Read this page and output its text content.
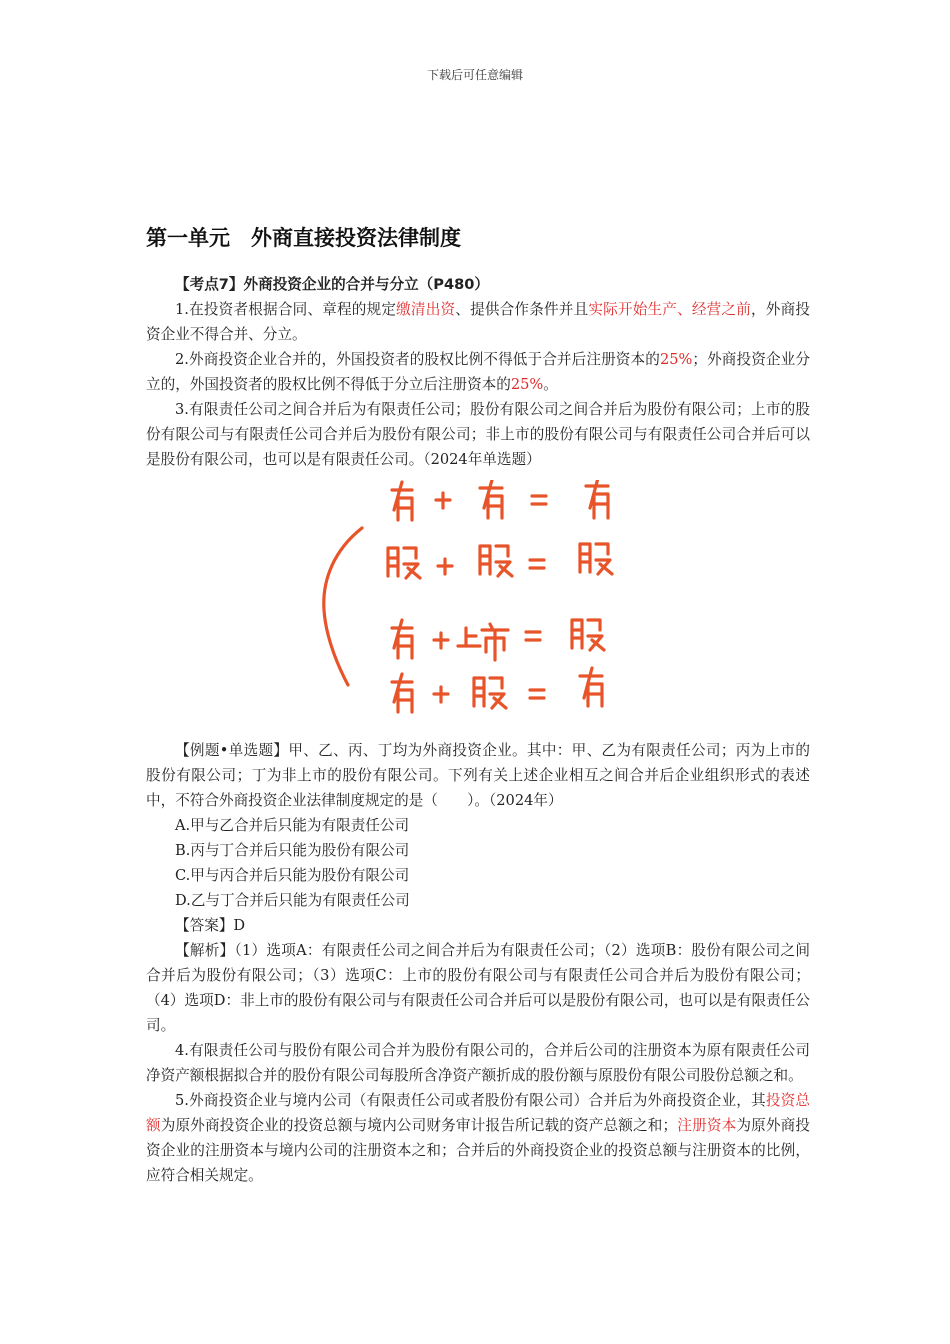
下载后可任意编辑
第一单元　外商直接投资法律制度

【考点7】外商投资企业的合并与分立（P480）

1.在投资者根据合同、章程的规定缴清出资、提供合作条件并且实际开始生产、经营之前，外商投资企业不得合并、分立。

2.外商投资企业合并的，外国投资者的股权比例不得低于合并后注册资本的25%；外商投资企业分立的，外国投资者的股权比例不得低于分立后注册资本的25%。

3.有限责任公司之间合并后为有限责任公司；股份有限公司之间合并后为股份有限公司；上市的股份有限公司与有限责任公司合并后为股份有限公司；非上市的股份有限公司与有限责任公司合并后可以是股份有限公司，也可以是有限责任公司。（2024年单选题）

【例题•单选题】甲、乙、丙、丁均为外商投资企业。其中：甲、乙为有限责任公司；丙为上市的股份有限公司；丁为非上市的股份有限公司。下列有关上述企业相互之间合并后企业组织形式的表述中，不符合外商投资企业法律制度规定的是（　　）。（2024年）

A.甲与乙合并后只能为有限责任公司

B.丙与丁合并后只能为股份有限公司

C.甲与丙合并后只能为股份有限公司

D.乙与丁合并后只能为有限责任公司

【答案】D

【解析】（1）选项A：有限责任公司之间合并后为有限责任公司；（2）选项B：股份有限公司之间合并后为股份有限公司；（3）选项C：上市的股份有限公司与有限责任公司合并后为股份有限公司；（4）选项D：非上市的股份有限公司与有限责任公司合并后可以是股份有限公司，也可以是有限责任公司。

4.有限责任公司与股份有限公司合并为股份有限公司的，合并后公司的注册资本为原有限责任公司净资产额根据拟合并的股份有限公司每股所含净资产额折成的股份额与原股份有限公司股份总额之和。

5.外商投资企业与境内公司（有限责任公司或者股份有限公司）合并后为外商投资企业，其投资总额为原外商投资企业的投资总额与境内公司财务审计报告所记载的资产总额之和；注册资本为原外商投资企业的注册资本与境内公司的注册资本之和；合并后的外商投资企业的投资总额与注册资本的比例，应符合相关规定。
